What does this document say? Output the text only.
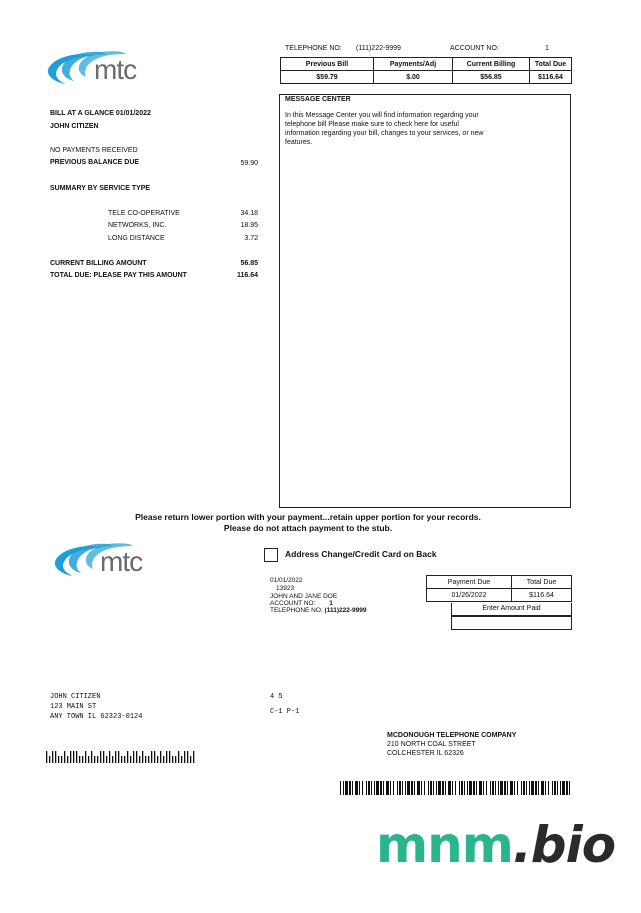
mtc
TELEPHONE NO: (111)222-9999	ACCOUNT NO:	1
Previous Bill	Payments/Adj	Current Billing	Total Due
$59.79	$.00	$56.85	$116.64
BILL AT A GLANCE 01/01/2022
JOHN CITIZEN
NO PAYMENTS RECEIVED
PREVIOUS BALANCE DUE	59.90
SUMMARY BY SERVICE TYPE
TELE CO-OPERATIVE	34.18
NETWORKS, INC.	18.95
LONG DISTANCE	3.72
CURRENT BILLING AMOUNT	56.85
TOTAL DUE: PLEASE PAY THIS AMOUNT	116.64
MESSAGE CENTER
In this Message Center you will find information regarding your
telephone bill Please make sure to check here for useful
information regarding your bill, changes to your services, or new
features.
Please return lower portion with your payment...retain upper portion for your records.
Please do not attach payment to the stub.
mtc	Address Change/Credit Card on Back
01/01/2022
13923
JOHN AND JANE DOE
ACCOUNT NO: 1
TELEPHONE NO: (111)222-9999
Payment Due	Total Due
01/26/2022	$116.64
Enter Amount Paid
JOHN CITIZEN
123 MAIN ST
ANY TOWN IL 62323-0124
4 5
C-1 P-1
MCDONOUGH TELEPHONE COMPANY
210 NORTH COAL STREET
COLCHESTER IL 62326
mnm.bio
